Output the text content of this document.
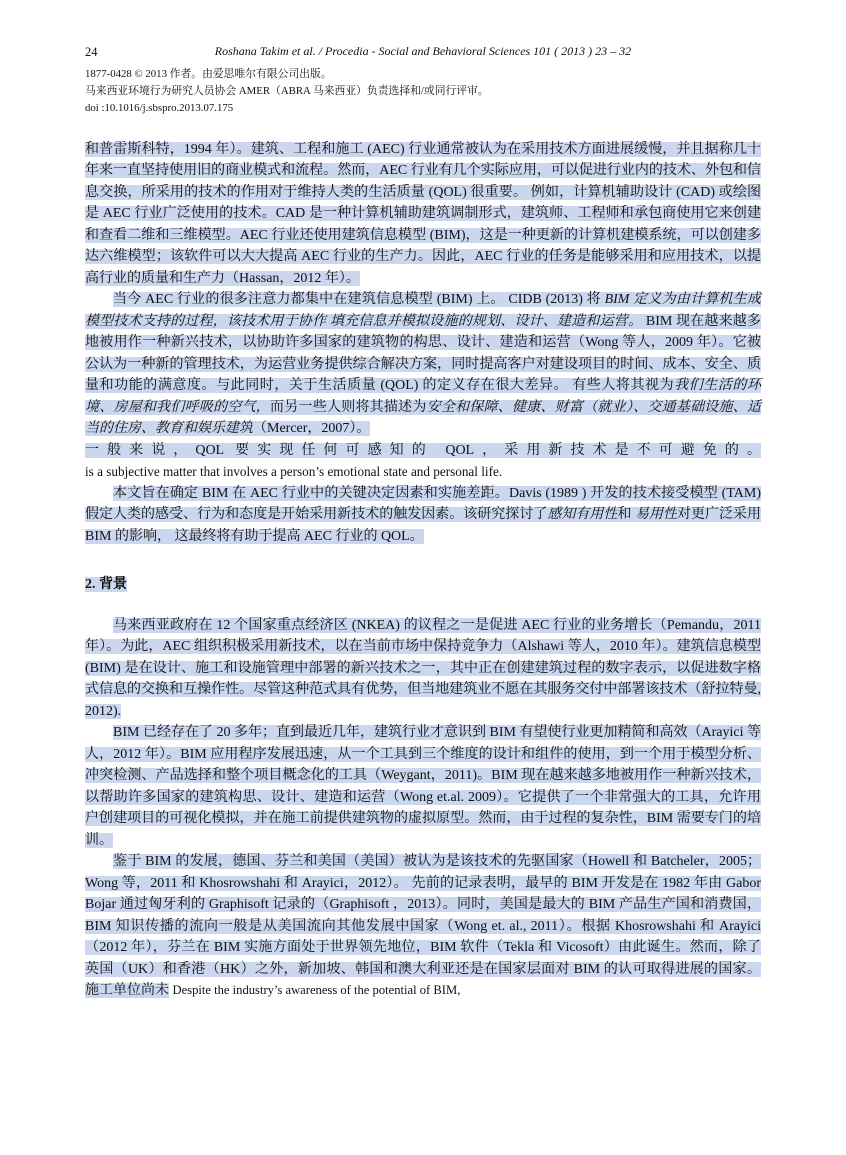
24	Roshana Takim et al. / Procedia - Social and Behavioral Sciences 101 ( 2013 ) 23 – 32
1877-0428 © 2013 作者。由爱思唯尔有限公司出版。
马来西亚环境行为研究人员协会 AMER（ABRA 马来西亚）负责选择和/或同行评审。
doi :10.1016/j.sbspro.2013.07.175

和普雷斯科特，1994 年）。建筑、工程和施工 (AEC) 行业通常被认为在采用技术方面进展缓慢，并且据称几十年来一直坚持使用旧的商业模式和流程。然而，AEC 行业有几个实际应用，可以促进行业内的技术、外包和信息交换，所采用的技术的作用对于维持人类的生活质量 (QOL) 很重要。 例如，计算机辅助设计 (CAD) 或绘图是 AEC 行业广泛使用的技术。CAD 是一种计算机辅助建筑调制形式，建筑师、工程师和承包商使用它来创建和查看二维和三维模型。AEC 行业还使用建筑信息模型 (BIM)，这是一种更新的计算机建模系统，可以创建多达六维模型；该软件可以大大提高 AEC 行业的生产力。因此，AEC 行业的任务是能够采用和应用技术，以提高行业的质量和生产力（Hassan，2012 年）。

当今 AEC 行业的很多注意力都集中在建筑信息模型 (BIM) 上。 CIDB (2013) 将 BIM 定义为由计算机生成模型技术支持的过程，该技术用于协作 填充信息并模拟设施的规划、设计、建造和运营。 BIM 现在越来越多地被用作一种新兴技术，以协助许多国家的建筑物的构思、设计、建造和运营（Wong 等人，2009 年）。它被公认为一种新的管理技术，为运营业务提供综合解决方案，同时提高客户对建设项目的时间、成本、安全、质量和功能的满意度。与此同时，关于生活质量 (QOL) 的定义存在很大差异。 有些人将其视为我们生活的环境、房屋和我们呼吸的空气，而另一些人则将其描述为安全和保障、健康、财富（就业）、交通基础设施、适当的住房、教育和娱乐建筑（Mercer，2007）。

一般来说，QOL 要实现任何可感知的 QOL，采用新技术是不可避免的。

is a subjective matter that involves a person’s emotional state and personal life.

本文旨在确定 BIM 在 AEC 行业中的关键决定因素和实施差距。Davis (1989 ) 开发的技术接受模型 (TAM)假定人类的感受、行为和态度是开始采用新技术的触发因素。该研究探讨了感知有用性和 易用性对更广泛采用 BIM 的影响， 这最终将有助于提高 AEC 行业的 QOL。

2. 背景

马来西亚政府在 12 个国家重点经济区 (NKEA) 的议程之一是促进 AEC 行业的业务增长（Pemandu，2011 年）。为此，AEC 组织积极采用新技术，以在当前市场中保持竞争力（Alshawi 等人，2010 年）。建筑信息模型 (BIM) 是在设计、施工和设施管理中部署的新兴技术之一，其中正在创建建筑过程的数字表示，以促进数字格式信息的交换和互操作性。尽管这种范式具有优势，但当地建筑业不愿在其服务交付中部署该技术（舒拉特曼, 2012).

BIM 已经存在了 20 多年；直到最近几年，建筑行业才意识到 BIM 有望使行业更加精简和高效（Arayici 等人，2012 年）。BIM 应用程序发展迅速，从一个工具到三个维度的设计和组件的使用，到一个用于模型分析、冲突检测、产品选择和整个项目概念化的工具（Weygant，2011)。BIM 现在越来越多地被用作一种新兴技术，以帮助许多国家的建筑构思、设计、建造和运营（Wong et.al. 2009）。它提供了一个非常强大的工具，允许用户创建项目的可视化模拟，并在施工前提供建筑物的虚拟原型。然而，由于过程的复杂性，BIM 需要专门的培训。

鉴于 BIM 的发展，德国、芬兰和美国（美国）被认为是该技术的先驱国家（Howell 和 Batcheler，2005；Wong 等，2011 和 Khosrowshahi 和 Arayici，2012）。 先前的记录表明，最早的 BIM 开发是在 1982 年由 Gabor Bojar 通过匈牙利的 Graphisoft 记录的（Graphisoft ，2013）。同时，美国是最大的 BIM 产品生产国和消费国，BIM 知识传播的流向一般是从美国流向其他发展中国家（Wong et. al., 2011）。根据 Khosrowshahi 和 Arayici（2012 年），芬兰在 BIM 实施方面处于世界领先地位，BIM 软件（Tekla 和 Vicosoft）由此诞生。然而，除了英国（UK）和香港（HK）之外，新加坡、韩国和澳大利亚还是在国家层面对 BIM 的认可取得进展的国家。 施工单位尚未 Despite the industry’s awareness of the potential of BIM,
